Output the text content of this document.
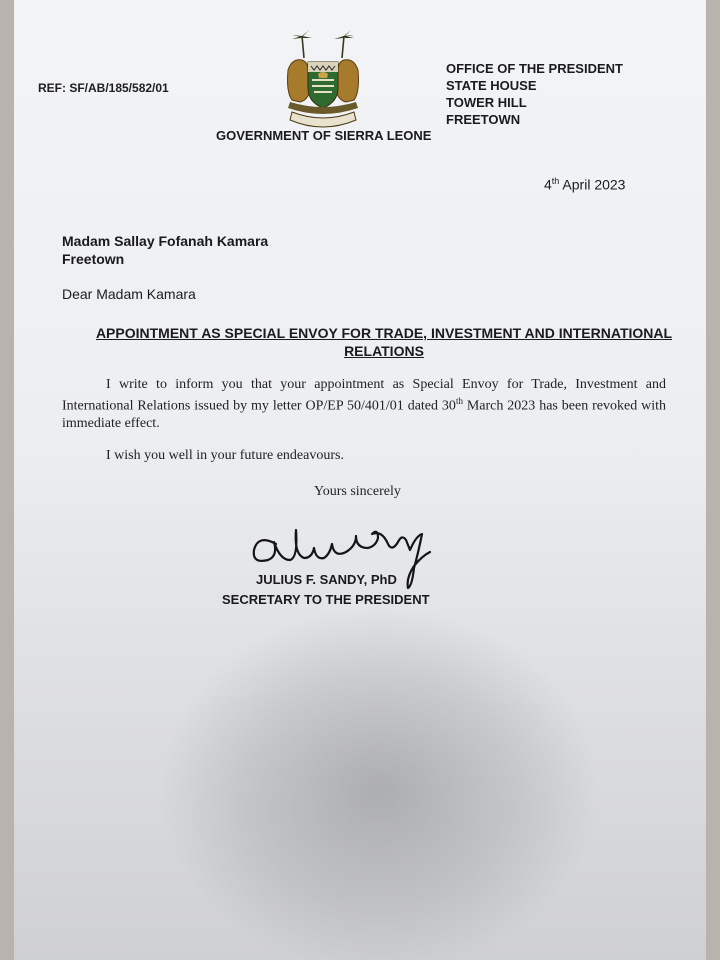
REF: SF/AB/185/582/01
OFFICE OF THE PRESIDENT
STATE HOUSE
TOWER HILL
FREETOWN
GOVERNMENT OF SIERRA LEONE
4th April 2023
Madam Sallay Fofanah Kamara
Freetown
Dear Madam Kamara
APPOINTMENT AS SPECIAL ENVOY FOR TRADE, INVESTMENT AND INTERNATIONAL RELATIONS
I write to inform you that your appointment as Special Envoy for Trade, Investment and International Relations issued by my letter OP/EP 50/401/01 dated 30th March 2023 has been revoked with immediate effect.
I wish you well in your future endeavours.
Yours sincerely
JULIUS F. SANDY, PhD
SECRETARY TO THE PRESIDENT
